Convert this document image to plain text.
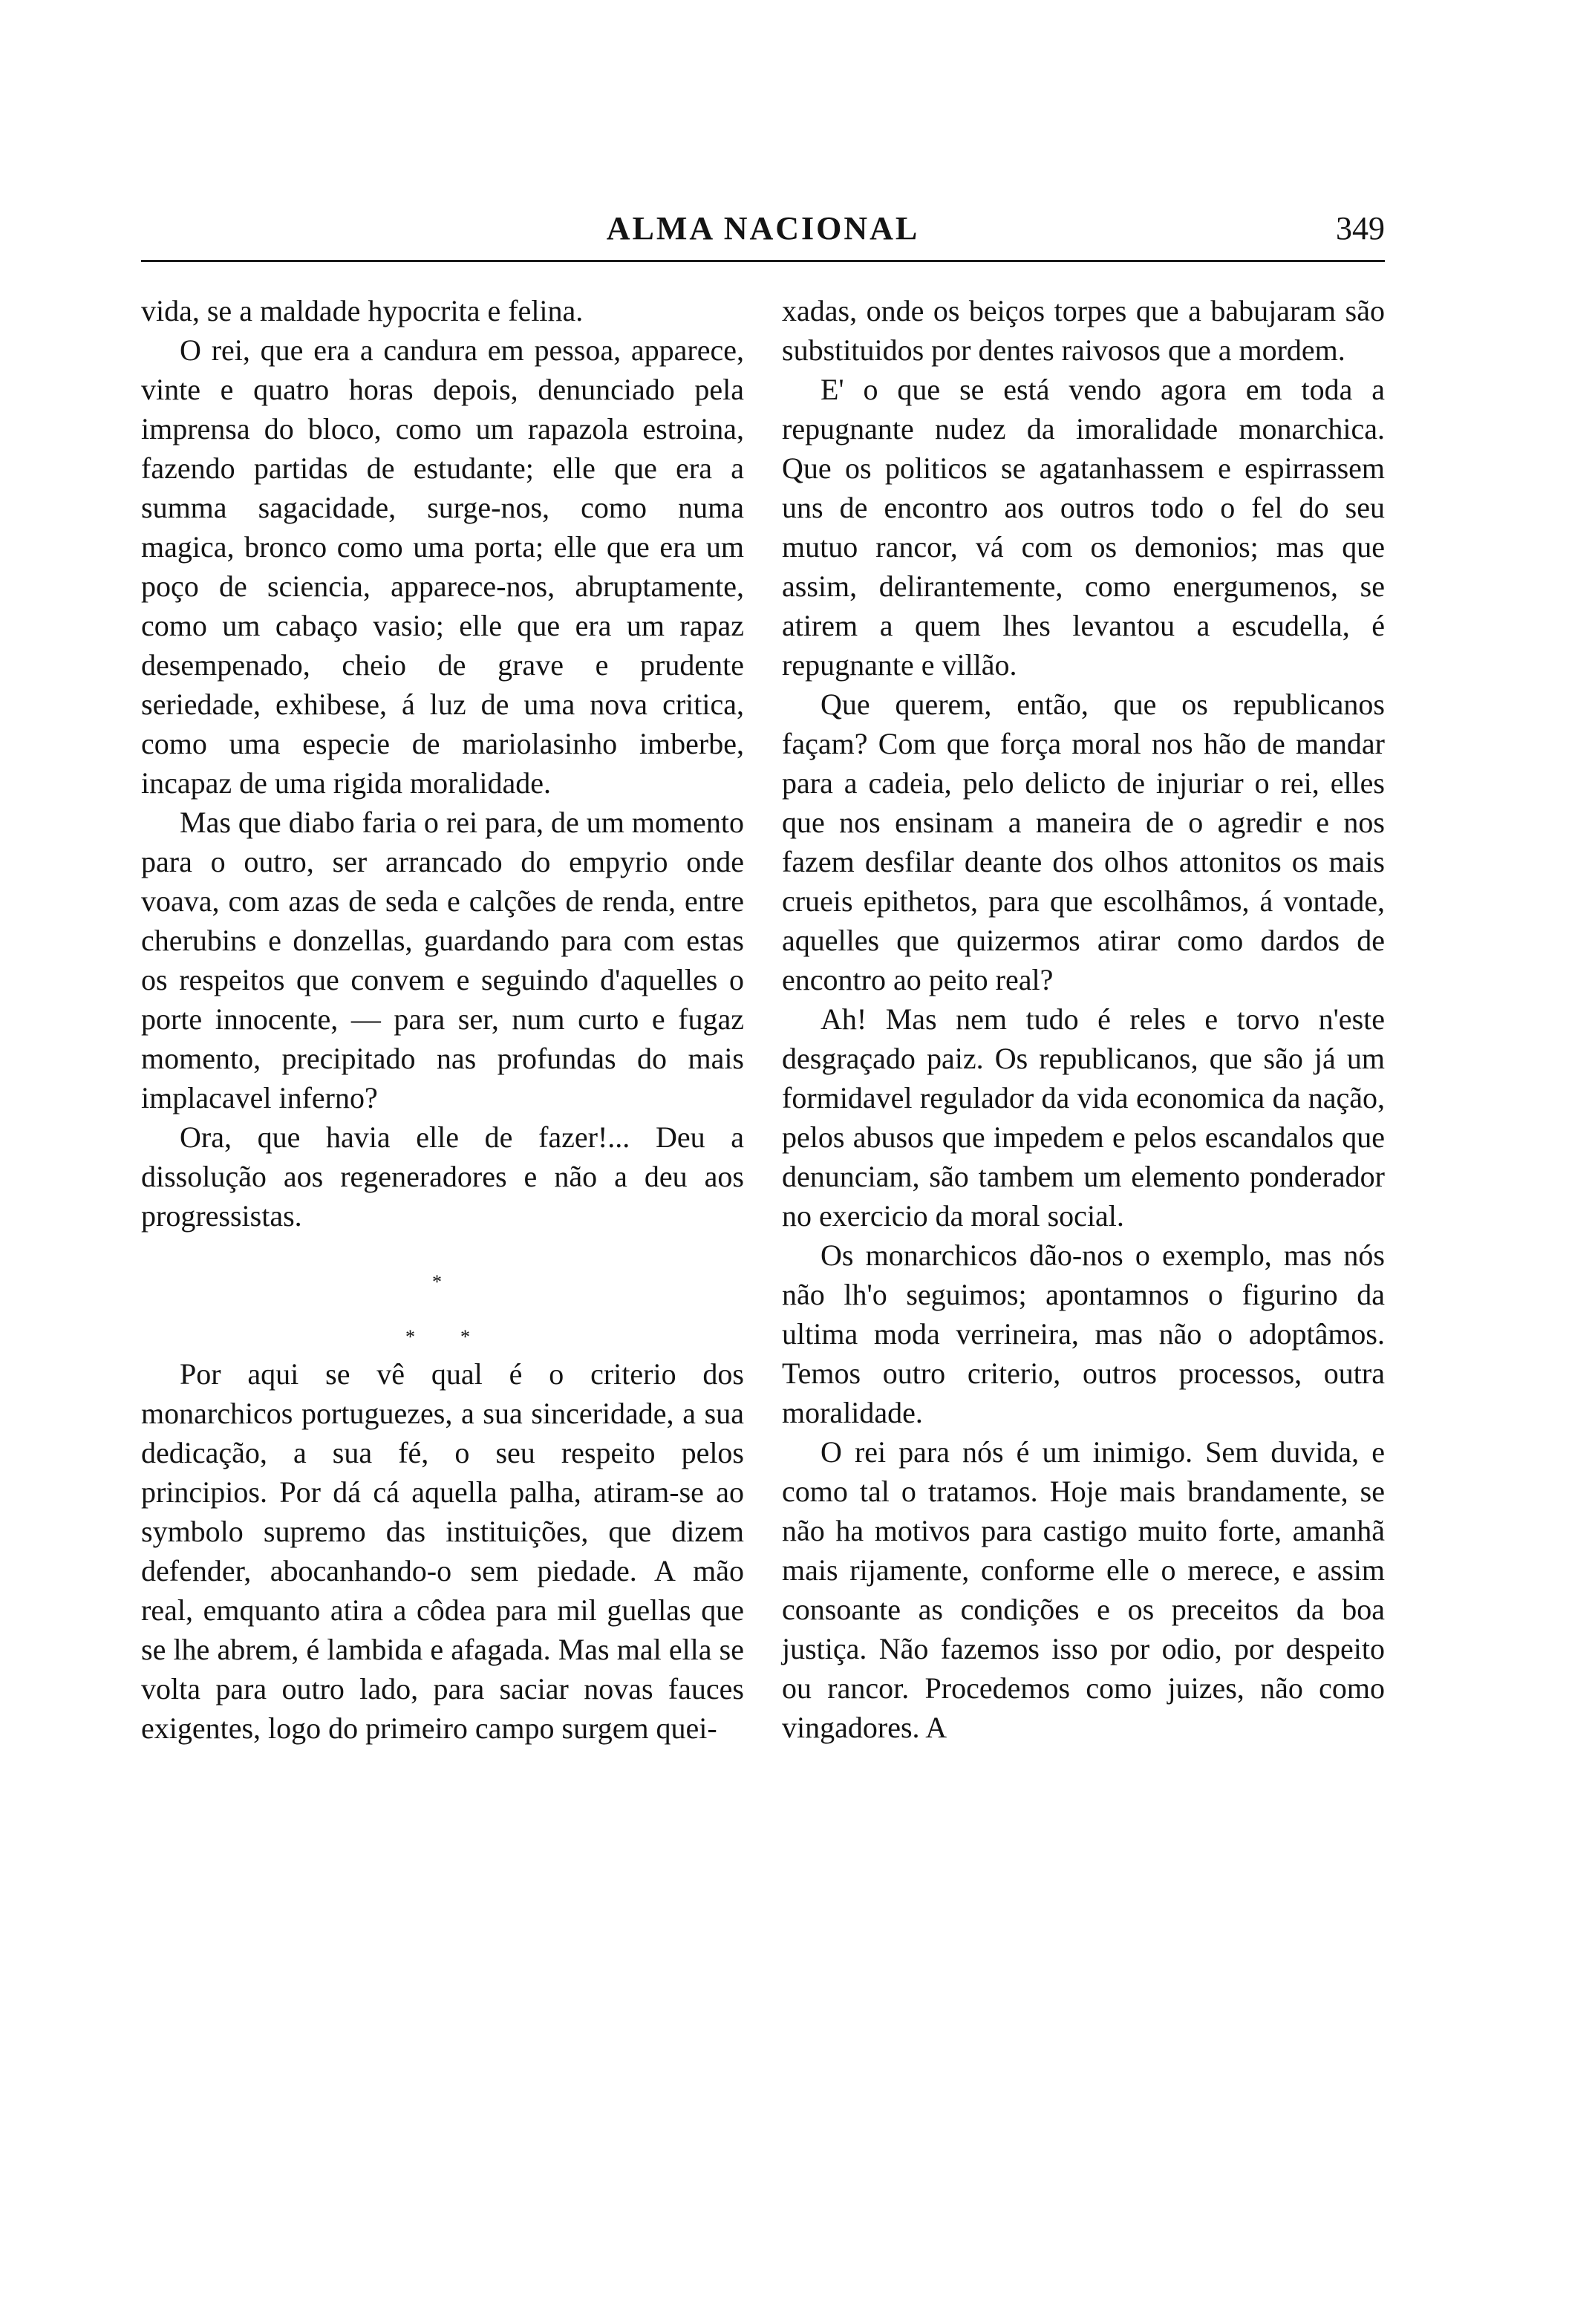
ALMA NACIONAL	349

vida, se a maldade hypocrita e felina.

O rei, que era a candura em pessoa, apparece, vinte e quatro horas depois, denunciado pela imprensa do bloco, como um rapazola estroina, fazendo partidas de estudante; elle que era a summa sagacidade, surge-nos, como numa magica, bronco como uma porta; elle que era um poço de sciencia, apparece-nos, abruptamente, como um cabaço vasio; elle que era um rapaz desempenado, cheio de grave e prudente seriedade, exhibese, á luz de uma nova critica, como uma especie de mariolasinho imberbe, incapaz de uma rigida moralidade.

Mas que diabo faria o rei para, de um momento para o outro, ser arrancado do empyrio onde voava, com azas de seda e calções de renda, entre cherubins e donzellas, guardando para com estas os respeitos que convem e seguindo d'aquelles o porte innocente, — para ser, num curto e fugaz momento, precipitado nas profundas do mais implacavel inferno?

Ora, que havia elle de fazer!... Deu a dissolução aos regeneradores e não a deu aos progressistas.

*
* *

Por aqui se vê qual é o criterio dos monarchicos portuguezes, a sua sinceridade, a sua dedicação, a sua fé, o seu respeito pelos principios. Por dá cá aquella palha, atiram-se ao symbolo supremo das instituições, que dizem defender, abocanhando-o sem piedade. A mão real, emquanto atira a côdea para mil guellas que se lhe abrem, é lambida e afagada. Mas mal ella se volta para outro lado, para saciar novas fauces exigentes, logo do primeiro campo surgem quei-

xadas, onde os beiços torpes que a babujaram são substituidos por dentes raivosos que a mordem.

E' o que se está vendo agora em toda a repugnante nudez da imoralidade monarchica. Que os politicos se agatanhassem e espirrassem uns de encontro aos outros todo o fel do seu mutuo rancor, vá com os demonios; mas que assim, delirantemente, como energumenos, se atirem a quem lhes levantou a escudella, é repugnante e villão.

Que querem, então, que os republicanos façam? Com que força moral nos hão de mandar para a cadeia, pelo delicto de injuriar o rei, elles que nos ensinam a maneira de o agredir e nos fazem desfilar deante dos olhos attonitos os mais crueis epithetos, para que escolhâmos, á vontade, aquelles que quizermos atirar como dardos de encontro ao peito real?

Ah! Mas nem tudo é reles e torvo n'este desgraçado paiz. Os republicanos, que são já um formidavel regulador da vida economica da nação, pelos abusos que impedem e pelos escandalos que denunciam, são tambem um elemento ponderador no exercicio da moral social.

Os monarchicos dão-nos o exemplo, mas nós não lh'o seguimos; apontamnos o figurino da ultima moda verrineira, mas não o adoptâmos. Temos outro criterio, outros processos, outra moralidade.

O rei para nós é um inimigo. Sem duvida, e como tal o tratamos. Hoje mais brandamente, se não ha motivos para castigo muito forte, amanhã mais rijamente, conforme elle o merece, e assim consoante as condições e os preceitos da boa justiça. Não fazemos isso por odio, por despeito ou rancor. Procedemos como juizes, não como vingadores. A
